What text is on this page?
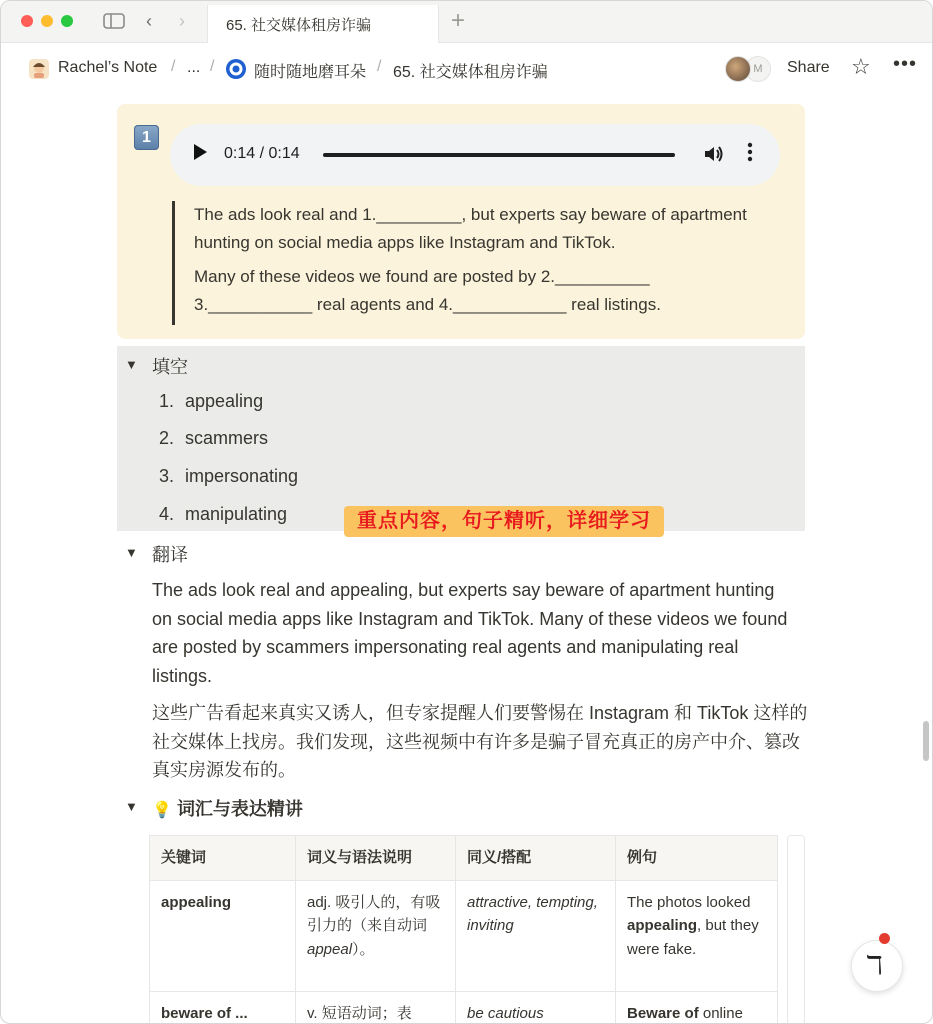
‹	›	65. 社交媒体租房诈骗	+
Rachel’s Note / ... / 随时随地磨耳朵 / 65. 社交媒体租房诈骗	M	Share ☆ •••
1
0:14 / 0:14

The ads look real and 1._________, but experts say beware of apartment hunting on social media apps like Instagram and TikTok.

Many of these videos we found are posted by 2.__________ 3.___________ real agents and 4.____________ real listings.

▼ 填空
1. appealing
2. scammers
3. impersonating
4. manipulating	重点内容，句子精听，详细学习
▼ 翻译
The ads look real and appealing, but experts say beware of apartment hunting on social media apps like Instagram and TikTok. Many of these videos we found are posted by scammers impersonating real agents and manipulating real listings.
这些广告看起来真实又诱人，但专家提醒人们要警惕在 Instagram 和 TikTok 这样的社交媒体上找房。我们发现，这些视频中有许多是骗子冒充真正的房产中介、篡改真实房源发布的。
▼ 💡 词汇与表达精讲
关键词	词义与语法说明	同义/搭配	例句
appealing	adj. 吸引人的，有吸引力的（来自动词 appeal）。	attractive, tempting, inviting	The photos looked appealing, but they were fake.
beware of ...	v. 短语动词；表	be cautious	Beware of online
ℸ
